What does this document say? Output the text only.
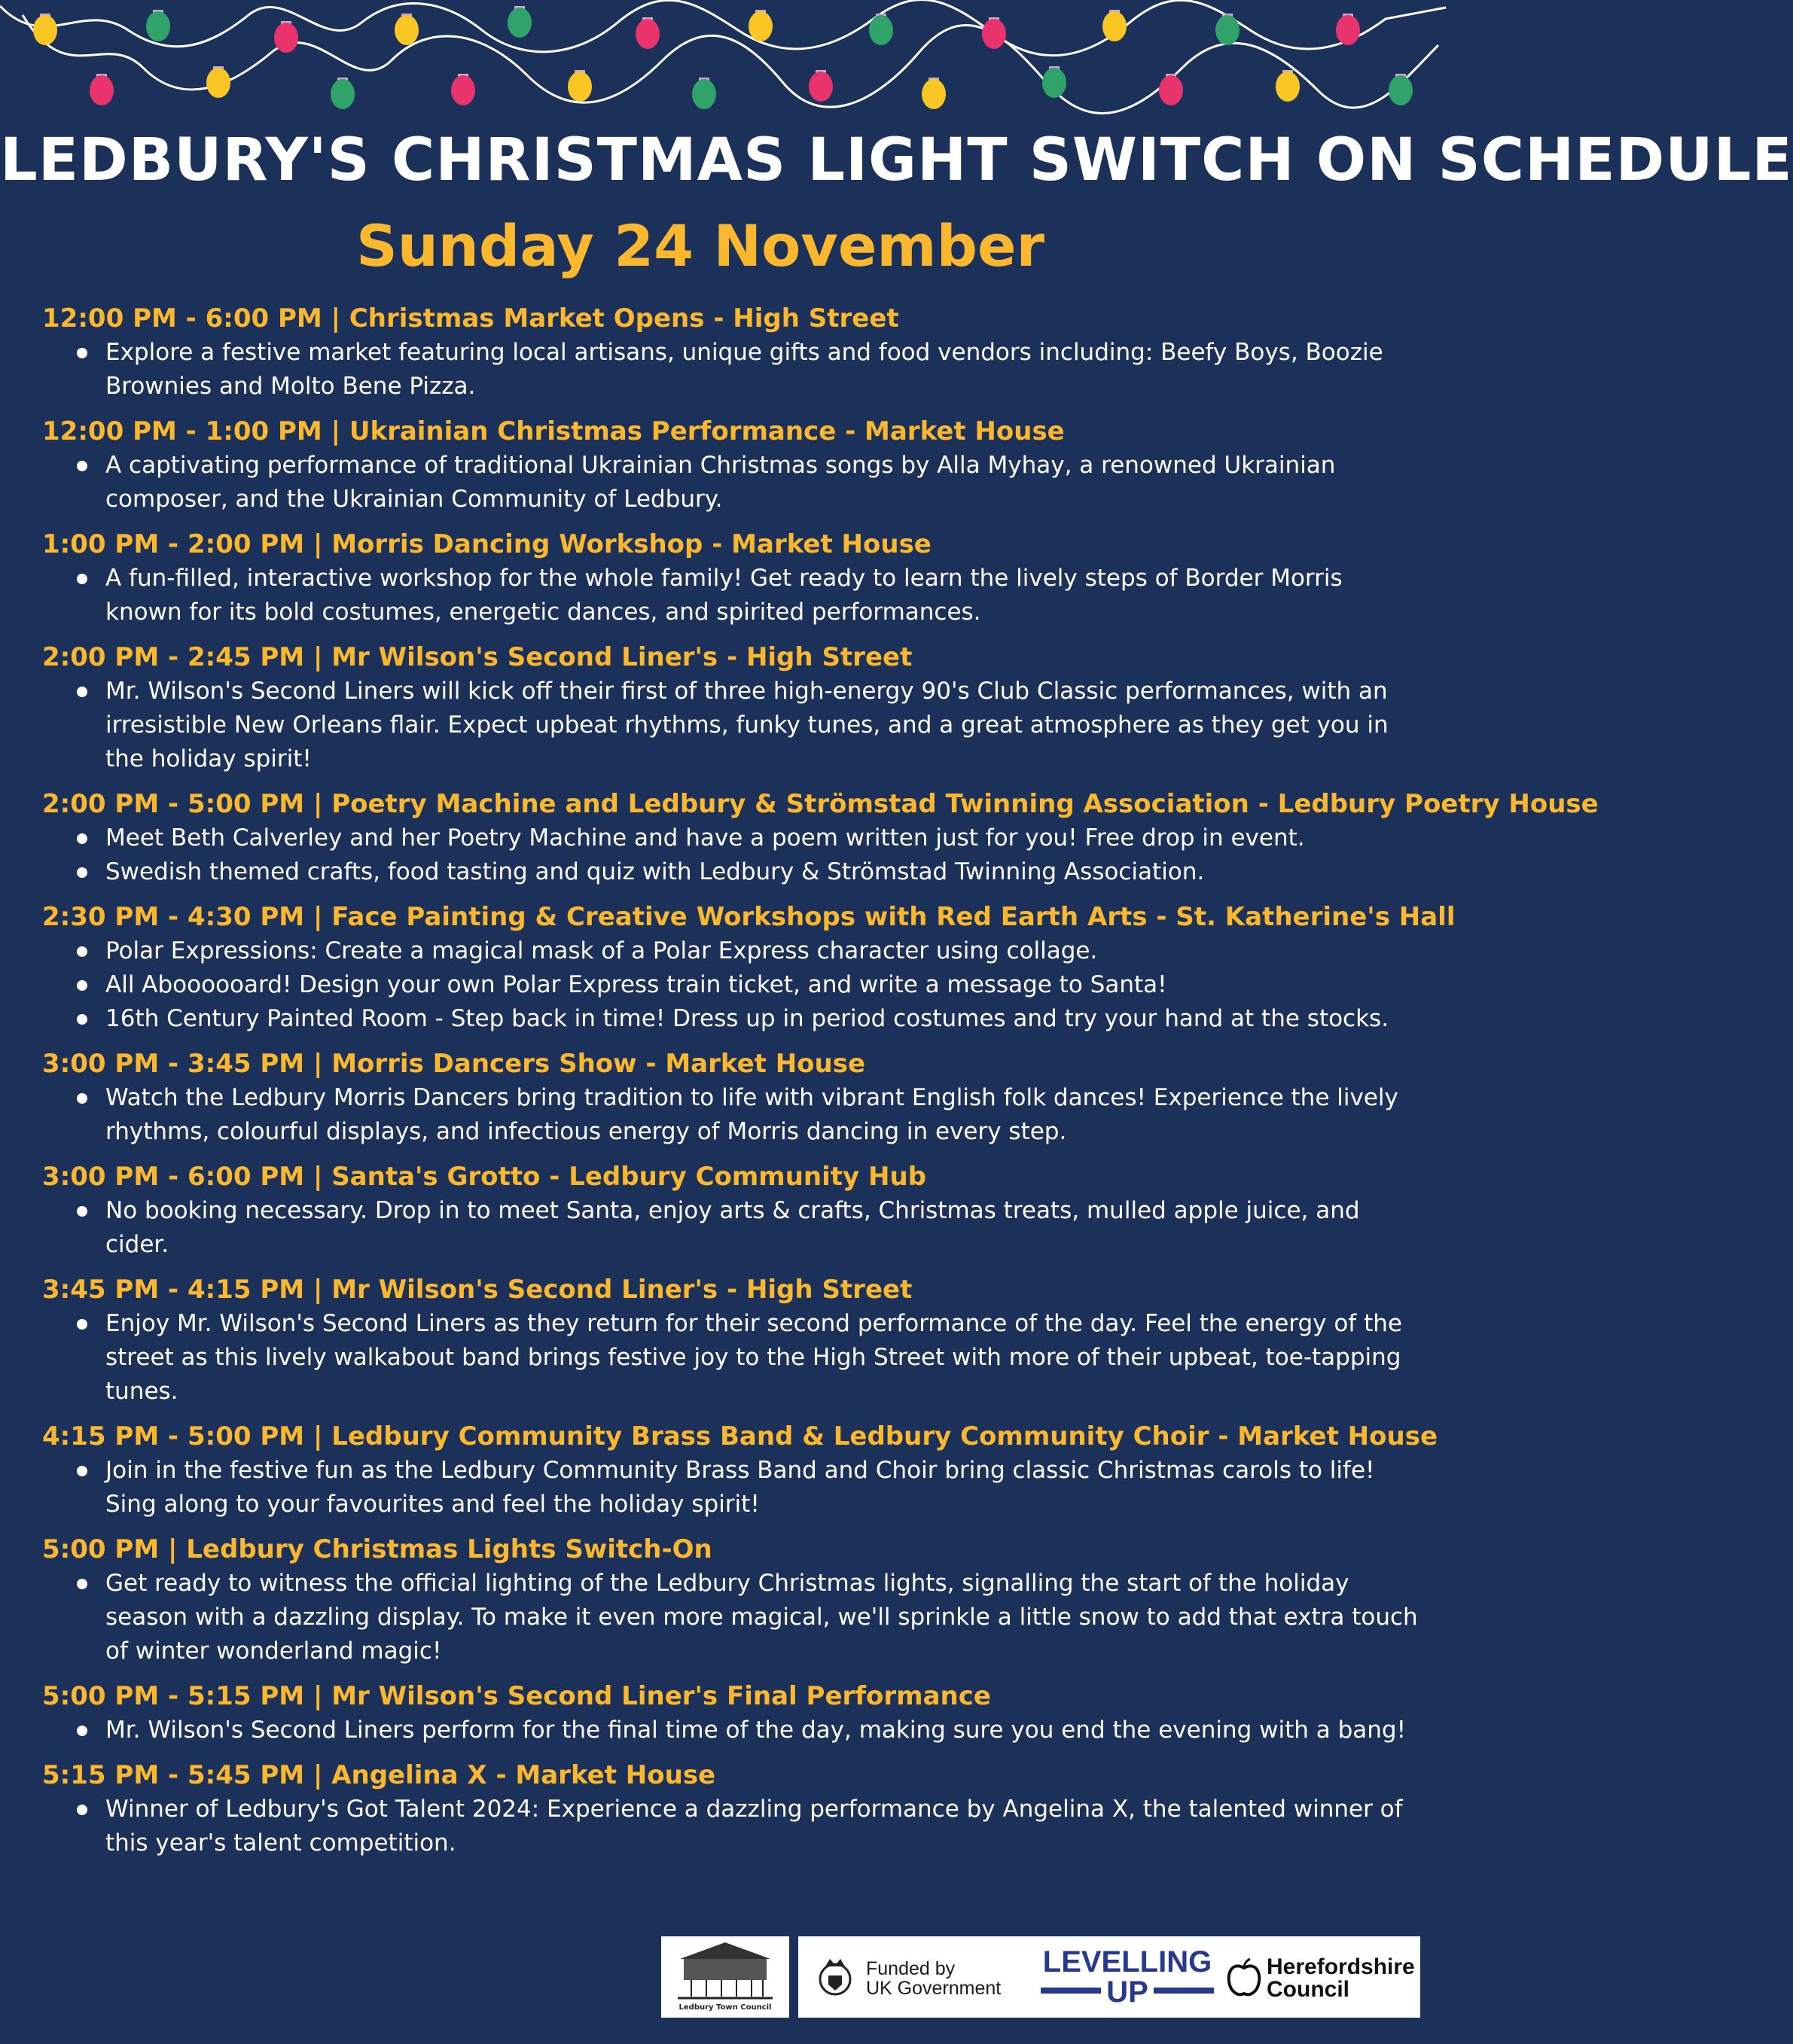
LEDBURY'S CHRISTMAS LIGHT SWITCH ON SCHEDULE
Sunday 24 November
12:00 PM - 6:00 PM | Christmas Market Opens - High Street
Explore a festive market featuring local artisans, unique gifts and food vendors including: Beefy Boys, Boozie Brownies and Molto Bene Pizza.
12:00 PM - 1:00 PM | Ukrainian Christmas Performance - Market House
A captivating performance of traditional Ukrainian Christmas songs by Alla Myhay, a renowned Ukrainian composer, and the Ukrainian Community of Ledbury.
1:00 PM - 2:00 PM | Morris Dancing Workshop - Market House
A fun-filled, interactive workshop for the whole family! Get ready to learn the lively steps of Border Morris known for its bold costumes, energetic dances, and spirited performances.
2:00 PM - 2:45 PM | Mr Wilson's Second Liner's - High Street
Mr. Wilson's Second Liners will kick off their first of three high-energy 90's Club Classic performances, with an irresistible New Orleans flair. Expect upbeat rhythms, funky tunes, and a great atmosphere as they get you in the holiday spirit!
2:00 PM - 5:00 PM | Poetry Machine and Ledbury & Strömstad Twinning Association - Ledbury Poetry House
Meet Beth Calverley and her Poetry Machine and have a poem written just for you! Free drop in event.
Swedish themed crafts, food tasting and quiz with Ledbury & Strömstad Twinning Association.
2:30 PM - 4:30 PM | Face Painting & Creative Workshops with Red Earth Arts - St. Katherine's Hall
Polar Expressions: Create a magical mask of a Polar Express character using collage.
All Aboooooard! Design your own Polar Express train ticket, and write a message to Santa!
16th Century Painted Room - Step back in time! Dress up in period costumes and try your hand at the stocks.
3:00 PM - 3:45 PM | Morris Dancers Show - Market House
Watch the Ledbury Morris Dancers bring tradition to life with vibrant English folk dances! Experience the lively rhythms, colourful displays, and infectious energy of Morris dancing in every step.
3:00 PM - 6:00 PM | Santa's Grotto - Ledbury Community Hub
No booking necessary. Drop in to meet Santa, enjoy arts & crafts, Christmas treats, mulled apple juice, and cider.
3:45 PM - 4:15 PM | Mr Wilson's Second Liner's - High Street
Enjoy Mr. Wilson's Second Liners as they return for their second performance of the day. Feel the energy of the street as this lively walkabout band brings festive joy to the High Street with more of their upbeat, toe-tapping tunes.
4:15 PM - 5:00 PM | Ledbury Community Brass Band & Ledbury Community Choir - Market House
Join in the festive fun as the Ledbury Community Brass Band and Choir bring classic Christmas carols to life! Sing along to your favourites and feel the holiday spirit!
5:00 PM | Ledbury Christmas Lights Switch-On
Get ready to witness the official lighting of the Ledbury Christmas lights, signalling the start of the holiday season with a dazzling display. To make it even more magical, we'll sprinkle a little snow to add that extra touch of winter wonderland magic!
5:00 PM - 5:15 PM | Mr Wilson's Second Liner's Final Performance
Mr. Wilson's Second Liners perform for the final time of the day, making sure you end the evening with a bang!
5:15 PM - 5:45 PM | Angelina X - Market House
Winner of Ledbury's Got Talent 2024: Experience a dazzling performance by Angelina X, the talented winner of this year's talent competition.
Ledbury Town Council
Funded by
UK Government
LEVELLING
UP
Herefordshire
Council
